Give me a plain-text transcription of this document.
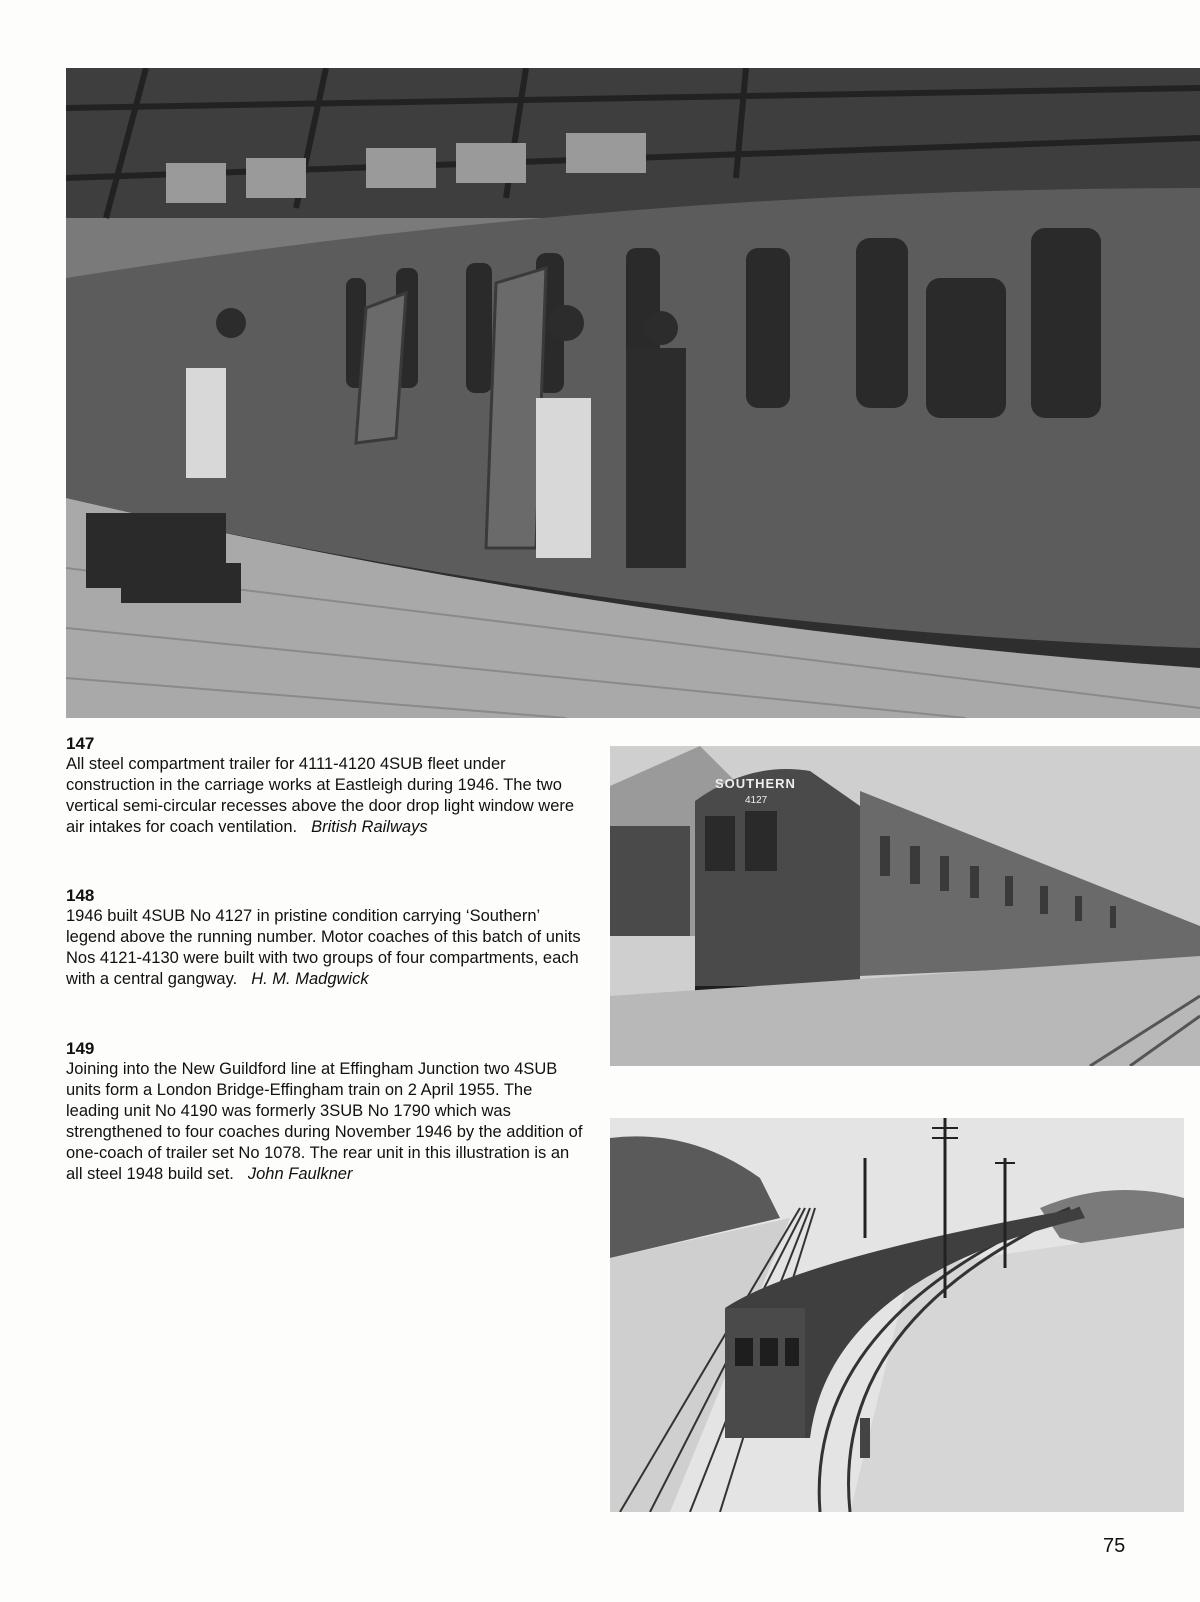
SOUTHERN
4127
147
All steel compartment trailer for 4111-4120 4SUB fleet under construction in the carriage works at Eastleigh during 1946. The two vertical semi-circular recesses above the door drop light window were air intakes for coach ventilation. British Railways
148
1946 built 4SUB No 4127 in pristine condition carrying ‘Southern’ legend above the running number. Motor coaches of this batch of units Nos 4121-4130 were built with two groups of four compartments, each with a central gangway. H. M. Madgwick
149
Joining into the New Guildford line at Effingham Junction two 4SUB units form a London Bridge-Effingham train on 2 April 1955. The leading unit No 4190 was formerly 3SUB No 1790 which was strengthened to four coaches during November 1946 by the addition of one-coach of trailer set No 1078. The rear unit in this illustration is an all steel 1948 build set. John Faulkner
75
